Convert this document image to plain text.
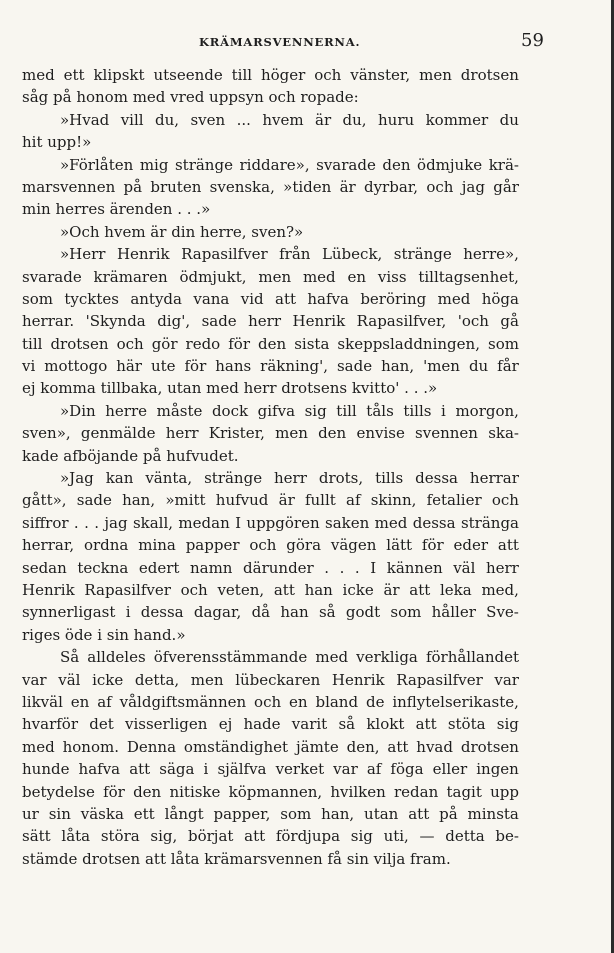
KRÄMARSVENNERNA.	59
med ett klipskt utseende till höger och vänster, men drotsen
såg på honom med vred uppsyn och ropade:
»Hvad vill du, sven ... hvem är du, huru kommer du
hit upp!»
»Förlåten mig stränge riddare», svarade den ödmjuke krä-
marsvennen på bruten svenska, »tiden är dyrbar, och jag går
min herres ärenden . . .»
»Och hvem är din herre, sven?»
»Herr Henrik Rapasilfver från Lübeck, stränge herre»,
svarade krämaren ödmjukt, men med en viss tilltagsenhet,
som tycktes antyda vana vid att hafva beröring med höga
herrar. 'Skynda dig', sade herr Henrik Rapasilfver, 'och gå
till drotsen och gör redo för den sista skeppsladdningen, som
vi mottogo här ute för hans räkning', sade han, 'men du får
ej komma tillbaka, utan med herr drotsens kvitto' . . .»
»Din herre måste dock gifva sig till tåls tills i morgon,
sven», genmälde herr Krister, men den envise svennen ska-
kade afböjande på hufvudet.
»Jag kan vänta, stränge herr drots, tills dessa herrar
gått», sade han, »mitt hufvud är fullt af skinn, fetalier och
siffror . . . jag skall, medan I uppgören saken med dessa stränga
herrar, ordna mina papper och göra vägen lätt för eder att
sedan teckna edert namn därunder . . . I kännen väl herr
Henrik Rapasilfver och veten, att han icke är att leka med,
synnerligast i dessa dagar, då han så godt som håller Sve-
riges öde i sin hand.»
Så alldeles öfverensstämmande med verkliga förhållandet
var väl icke detta, men lübeckaren Henrik Rapasilfver var
likväl en af våldgiftsmännen och en bland de inflytelserikaste,
hvarför det visserligen ej hade varit så klokt att stöta sig
med honom. Denna omständighet jämte den, att hvad drotsen
hunde hafva att säga i själfva verket var af föga eller ingen
betydelse för den nitiske köpmannen, hvilken redan tagit upp
ur sin väska ett långt papper, som han, utan att på minsta
sätt låta störa sig, börjat att fördjupa sig uti, — detta be-
stämde drotsen att låta krämarsvennen få sin vilja fram.
